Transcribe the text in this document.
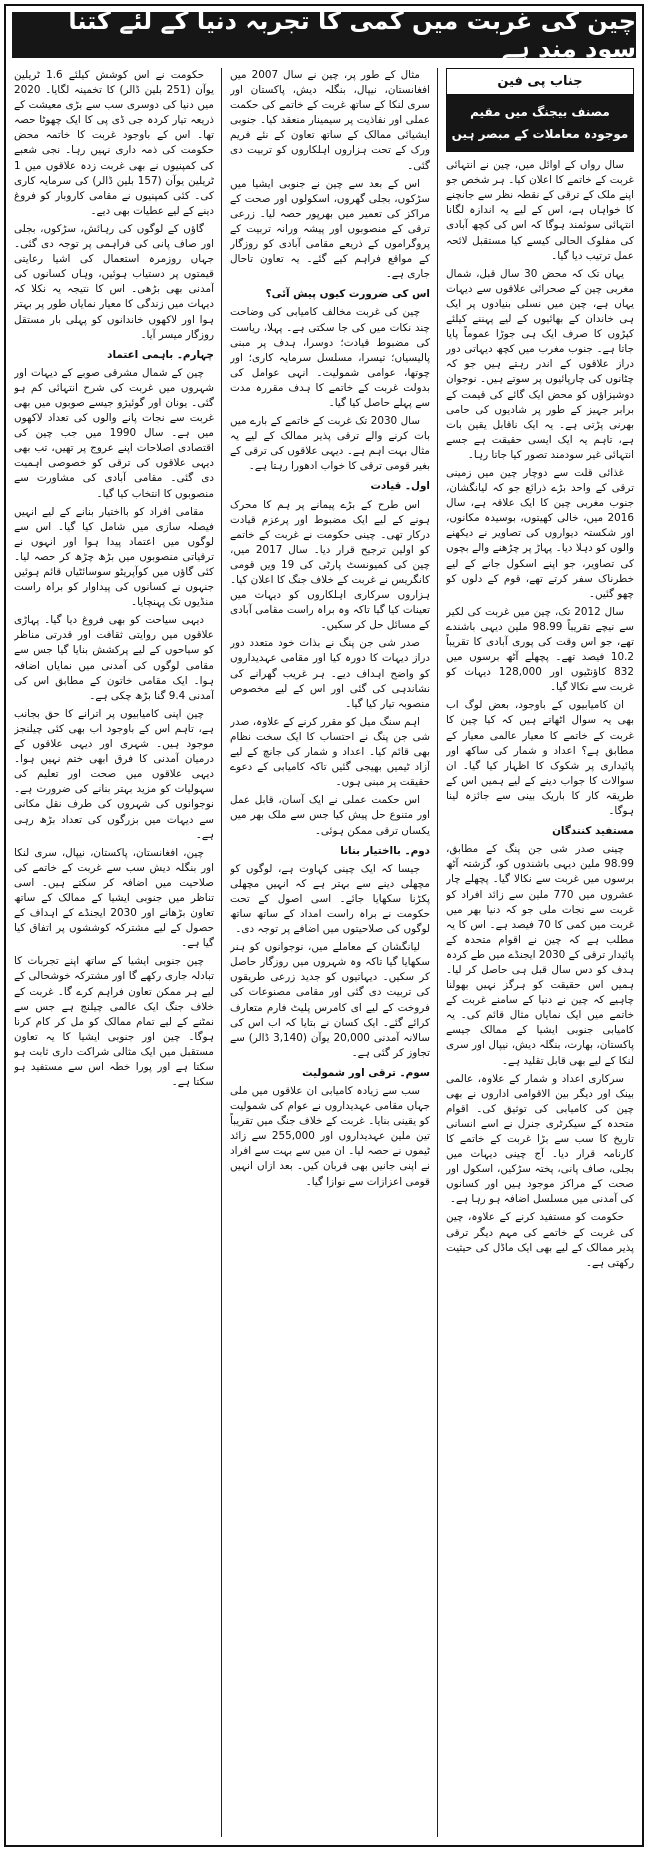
چین کی غربت میں کمی کا تجربہ دنیا کے لئے کتنا سود مند ہے
جناب پی فین
مصنف بیجنگ میں مقیم موجودہ معاملات کے مبصر ہیں

سال رواں کے اوائل میں، چین نے انتہائی غربت کے خاتمے کا اعلان کیا۔ ہر شخص جو اپنے ملک کے ترقی کے نقطہ نظر سے جانچنے کا خواہاں ہے، اس کے لیے یہ اندازہ لگانا انتہائی سوئمند ہوگا کہ اس کی کچھ آبادی کی مفلوک الحالی کیسے کیا مستقبل لائحہ عمل ترتیب دیا گیا۔

یہاں تک کہ محض 30 سال قبل، شمال مغربی چین کے صحرائی علاقوں سے دیہات یہاں ہے، چین میں نسلی بنیادوں پر ایک ہی خاندان کے بھائیوں کے لیے پہننے کیلئے کپڑوں کا صرف ایک ہی جوڑا عموماً پایا جاتا ہے۔ جنوب مغرب میں کچھ دیہاتی دور دراز علاقوں کے اندر رہتے ہیں جو کہ چٹانوں کی چارپائیوں پر سوتے ہیں۔ نوجوان دوشیزاؤں کو محض ایک گائے کی قیمت کے برابر جہیز کے طور پر شادیوں کی حامی بھرنی پڑتی ہے۔ یہ ایک ناقابل یقین بات ہے، تاہم یہ ایک ایسی حقیقت ہے جسے انتہائی غیر سودمند تصور کیا جاتا رہا۔

غذائی قلت سے دوچار چین میں زمینی ترقی کے واحد بڑے ذرائع جو کہ لیانگشان، جنوب مغربی چین کا ایک علاقہ ہے، سال 2016 میں، خالی کھیتوں، بوسیدہ مکانوں، اور شکستہ دیواروں کی تصاویر نے دیکھنے والوں کو دہلا دیا۔ پہاڑ پر چڑھنے والے بچوں کی تصاویر، جو اپنے اسکول جانے کے لیے خطرناک سفر کرتے تھے، قوم کے دلوں کو چھو گئیں۔

سال 2012 تک، چین میں غربت کی لکیر سے نیچے تقریباً 98.99 ملین دیہی باشندے تھے، جو اس وقت کی پوری آبادی کا تقریباً 10.2 فیصد تھے۔ پچھلے آٹھ برسوں میں 832 کاؤنٹیوں اور 128,000 دیہات کو غربت سے نکالا گیا۔

ان کامیابیوں کے باوجود، بعض لوگ اب بھی یہ سوال اٹھاتے ہیں کہ کیا چین کا غربت کے خاتمے کا معیار عالمی معیار کے مطابق ہے؟ اعداد و شمار کی ساکھ اور پائیداری پر شکوک کا اظہار کیا گیا۔ ان سوالات کا جواب دینے کے لیے ہمیں اس کے طریقہ کار کا باریک بینی سے جائزہ لینا ہوگا۔

مستفید کنندگان

چینی صدر شی جن پنگ کے مطابق، 98.99 ملین دیہی باشندوں کو، گزشتہ آٹھ برسوں میں غربت سے نکالا گیا۔ پچھلے چار عشروں میں 770 ملین سے زائد افراد کو غربت سے نجات ملی جو کہ دنیا بھر میں غربت میں کمی کا 70 فیصد ہے۔ اس کا یہ مطلب ہے کہ چین نے اقوام متحدہ کے پائیدار ترقی کے 2030 ایجنڈے میں طے کردہ ہدف کو دس سال قبل ہی حاصل کر لیا۔ ہمیں اس حقیقت کو ہرگز نہیں بھولنا چاہیے کہ چین نے دنیا کے سامنے غربت کے خاتمے میں ایک نمایاں مثال قائم کی۔ یہ کامیابی جنوبی ایشیا کے ممالک جیسے پاکستان، بھارت، بنگلہ دیش، نیپال اور سری لنکا کے لیے بھی قابل تقلید ہے۔

سرکاری اعداد و شمار کے علاوہ، عالمی بینک اور دیگر بین الاقوامی اداروں نے بھی چین کی کامیابی کی توثیق کی۔ اقوام متحدہ کے سیکرٹری جنرل نے اسے انسانی تاریخ کا سب سے بڑا غربت کے خاتمے کا کارنامہ قرار دیا۔ آج چینی دیہات میں بجلی، صاف پانی، پختہ سڑکیں، اسکول اور صحت کے مراکز موجود ہیں اور کسانوں کی آمدنی میں مسلسل اضافہ ہو رہا ہے۔

حکومت کو مستفید کرنے کے علاوہ، چین کی غربت کے خاتمے کی مہم دیگر ترقی پذیر ممالک کے لیے بھی ایک ماڈل کی حیثیت رکھتی ہے۔

مثال کے طور پر، چین نے سال 2007 میں افغانستان، نیپال، بنگلہ دیش، پاکستان اور سری لنکا کے ساتھ غربت کے خاتمے کی حکمت عملی اور نفاذیت پر سیمینار منعقد کیا۔ جنوبی ایشیائی ممالک کے ساتھ تعاون کے نئے فریم ورک کے تحت ہزاروں اہلکاروں کو تربیت دی گئی۔

اس کے بعد سے چین نے جنوبی ایشیا میں سڑکوں، بجلی گھروں، اسکولوں اور صحت کے مراکز کی تعمیر میں بھرپور حصہ لیا۔ زرعی ترقی کے منصوبوں اور پیشہ ورانہ تربیت کے پروگراموں کے ذریعے مقامی آبادی کو روزگار کے مواقع فراہم کیے گئے۔ یہ تعاون تاحال جاری ہے۔

اس کی ضرورت کیوں پیش آئی؟

چین کی غربت مخالف کامیابی کی وضاحت چند نکات میں کی جا سکتی ہے۔ پہلا، ریاست کی مضبوط قیادت؛ دوسرا، ہدف پر مبنی پالیسیاں؛ تیسرا، مسلسل سرمایہ کاری؛ اور چوتھا، عوامی شمولیت۔ انہی عوامل کی بدولت غربت کے خاتمے کا ہدف مقررہ مدت سے پہلے حاصل کیا گیا۔

سال 2030 تک غربت کے خاتمے کے بارے میں بات کرنے والے ترقی پذیر ممالک کے لیے یہ مثال بہت اہم ہے۔ دیہی علاقوں کی ترقی کے بغیر قومی ترقی کا خواب ادھورا رہتا ہے۔

اول۔ قیادت

اس طرح کے بڑے پیمانے پر ہم کا محرک ہونے کے لیے ایک مضبوط اور پرعزم قیادت درکار تھی۔ چینی حکومت نے غربت کے خاتمے کو اولین ترجیح قرار دیا۔ سال 2017 میں، چین کی کمیونسٹ پارٹی کی 19 ویں قومی کانگریس نے غربت کے خلاف جنگ کا اعلان کیا۔ ہزاروں سرکاری اہلکاروں کو دیہات میں تعینات کیا گیا تاکہ وہ براہ راست مقامی آبادی کے مسائل حل کر سکیں۔

صدر شی جن پنگ نے بذات خود متعدد دور دراز دیہات کا دورہ کیا اور مقامی عہدیداروں کو واضح اہداف دیے۔ ہر غریب گھرانے کی نشاندہی کی گئی اور اس کے لیے مخصوص منصوبہ تیار کیا گیا۔

اہم سنگ میل کو مقرر کرنے کے علاوہ، صدر شی جن پنگ نے احتساب کا ایک سخت نظام بھی قائم کیا۔ اعداد و شمار کی جانچ کے لیے آزاد ٹیمیں بھیجی گئیں تاکہ کامیابی کے دعوے حقیقت پر مبنی ہوں۔

اس حکمت عملی نے ایک آسان، قابل عمل اور متنوع حل پیش کیا جس سے ملک بھر میں یکساں ترقی ممکن ہوئی۔

دوم۔ بااختیار بنانا

جیسا کہ ایک چینی کہاوت ہے، لوگوں کو مچھلی دینے سے بہتر ہے کہ انہیں مچھلی پکڑنا سکھایا جائے۔ اسی اصول کے تحت حکومت نے براہ راست امداد کے ساتھ ساتھ لوگوں کی صلاحیتوں میں اضافے پر توجہ دی۔

لیانگشان کے معاملے میں، نوجوانوں کو ہنر سکھایا گیا تاکہ وہ شہروں میں روزگار حاصل کر سکیں۔ دیہاتیوں کو جدید زرعی طریقوں کی تربیت دی گئی اور مقامی مصنوعات کی فروخت کے لیے ای کامرس پلیٹ فارم متعارف کرائے گئے۔ ایک کسان نے بتایا کہ اب اس کی سالانہ آمدنی 20,000 یوآن (3,140 ڈالر) سے تجاوز کر گئی ہے۔

سوم۔ ترقی اور شمولیت

سب سے زیادہ کامیابی ان علاقوں میں ملی جہاں مقامی عہدیداروں نے عوام کی شمولیت کو یقینی بنایا۔ غربت کے خلاف جنگ میں تقریباً تین ملین عہدیداروں اور 255,000 سے زائد ٹیموں نے حصہ لیا۔ ان میں سے بہت سے افراد نے اپنی جانیں بھی قربان کیں۔ بعد ازاں انہیں قومی اعزازات سے نوازا گیا۔

حکومت نے اس کوشش کیلئے 1.6 ٹریلین یوآن (251 بلین ڈالر) کا تخمینہ لگایا۔ 2020 میں دنیا کی دوسری سب سے بڑی معیشت کے ذریعہ تیار کردہ جی ڈی پی کا ایک چھوٹا حصہ تھا۔ اس کے باوجود غربت کا خاتمہ محض حکومت کی ذمہ داری نہیں رہا۔ نجی شعبے کی کمپنیوں نے بھی غربت زدہ علاقوں میں 1 ٹریلین یوآن (157 بلین ڈالر) کی سرمایہ کاری کی۔ کئی کمپنیوں نے مقامی کاروبار کو فروغ دینے کے لیے عطیات بھی دیے۔

گاؤں کے لوگوں کی رہائش، سڑکوں، بجلی اور صاف پانی کی فراہمی پر توجہ دی گئی۔ جہاں روزمرہ استعمال کی اشیا رعایتی قیمتوں پر دستیاب ہوئیں، وہاں کسانوں کی آمدنی بھی بڑھی۔ اس کا نتیجہ یہ نکلا کہ دیہات میں زندگی کا معیار نمایاں طور پر بہتر ہوا اور لاکھوں خاندانوں کو پہلی بار مستقل روزگار میسر آیا۔

چہارم۔ باہمی اعتماد

چین کے شمال مشرقی صوبے کے دیہات اور شہروں میں غربت کی شرح انتہائی کم ہو گئی۔ یونان اور گوئیژو جیسے صوبوں میں بھی غربت سے نجات پانے والوں کی تعداد لاکھوں میں ہے۔ سال 1990 میں جب چین کی اقتصادی اصلاحات اپنے عروج پر تھیں، تب بھی دیہی علاقوں کی ترقی کو خصوصی اہمیت دی گئی۔ مقامی آبادی کی مشاورت سے منصوبوں کا انتخاب کیا گیا۔

مقامی افراد کو بااختیار بنانے کے لیے انہیں فیصلہ سازی میں شامل کیا گیا۔ اس سے لوگوں میں اعتماد پیدا ہوا اور انہوں نے ترقیاتی منصوبوں میں بڑھ چڑھ کر حصہ لیا۔ کئی گاؤں میں کوآپریٹو سوسائٹیاں قائم ہوئیں جنہوں نے کسانوں کی پیداوار کو براہ راست منڈیوں تک پہنچایا۔

دیہی سیاحت کو بھی فروغ دیا گیا۔ پہاڑی علاقوں میں روایتی ثقافت اور قدرتی مناظر کو سیاحوں کے لیے پرکشش بنایا گیا جس سے مقامی لوگوں کی آمدنی میں نمایاں اضافہ ہوا۔ ایک مقامی خاتون کے مطابق اس کی آمدنی 9.4 گنا بڑھ چکی ہے۔

چین اپنی کامیابیوں پر اترانے کا حق بجانب ہے، تاہم اس کے باوجود اب بھی کئی چیلنجز موجود ہیں۔ شہری اور دیہی علاقوں کے درمیان آمدنی کا فرق ابھی ختم نہیں ہوا۔ دیہی علاقوں میں صحت اور تعلیم کی سہولیات کو مزید بہتر بنانے کی ضرورت ہے۔ نوجوانوں کی شہروں کی طرف نقل مکانی سے دیہات میں بزرگوں کی تعداد بڑھ رہی ہے۔

چین، افغانستان، پاکستان، نیپال، سری لنکا اور بنگلہ دیش سب سے غربت کے خاتمے کی صلاحیت میں اضافہ کر سکتے ہیں۔ اسی تناظر میں جنوبی ایشیا کے ممالک کے ساتھ تعاون بڑھانے اور 2030 ایجنڈے کے اہداف کے حصول کے لیے مشترکہ کوششوں پر اتفاق کیا گیا ہے۔

چین جنوبی ایشیا کے ساتھ اپنے تجربات کا تبادلہ جاری رکھے گا اور مشترکہ خوشحالی کے لیے ہر ممکن تعاون فراہم کرے گا۔ غربت کے خلاف جنگ ایک عالمی چیلنج ہے جس سے نمٹنے کے لیے تمام ممالک کو مل کر کام کرنا ہوگا۔ چین اور جنوبی ایشیا کا یہ تعاون مستقبل میں ایک مثالی شراکت داری ثابت ہو سکتا ہے اور پورا خطہ اس سے مستفید ہو سکتا ہے۔
